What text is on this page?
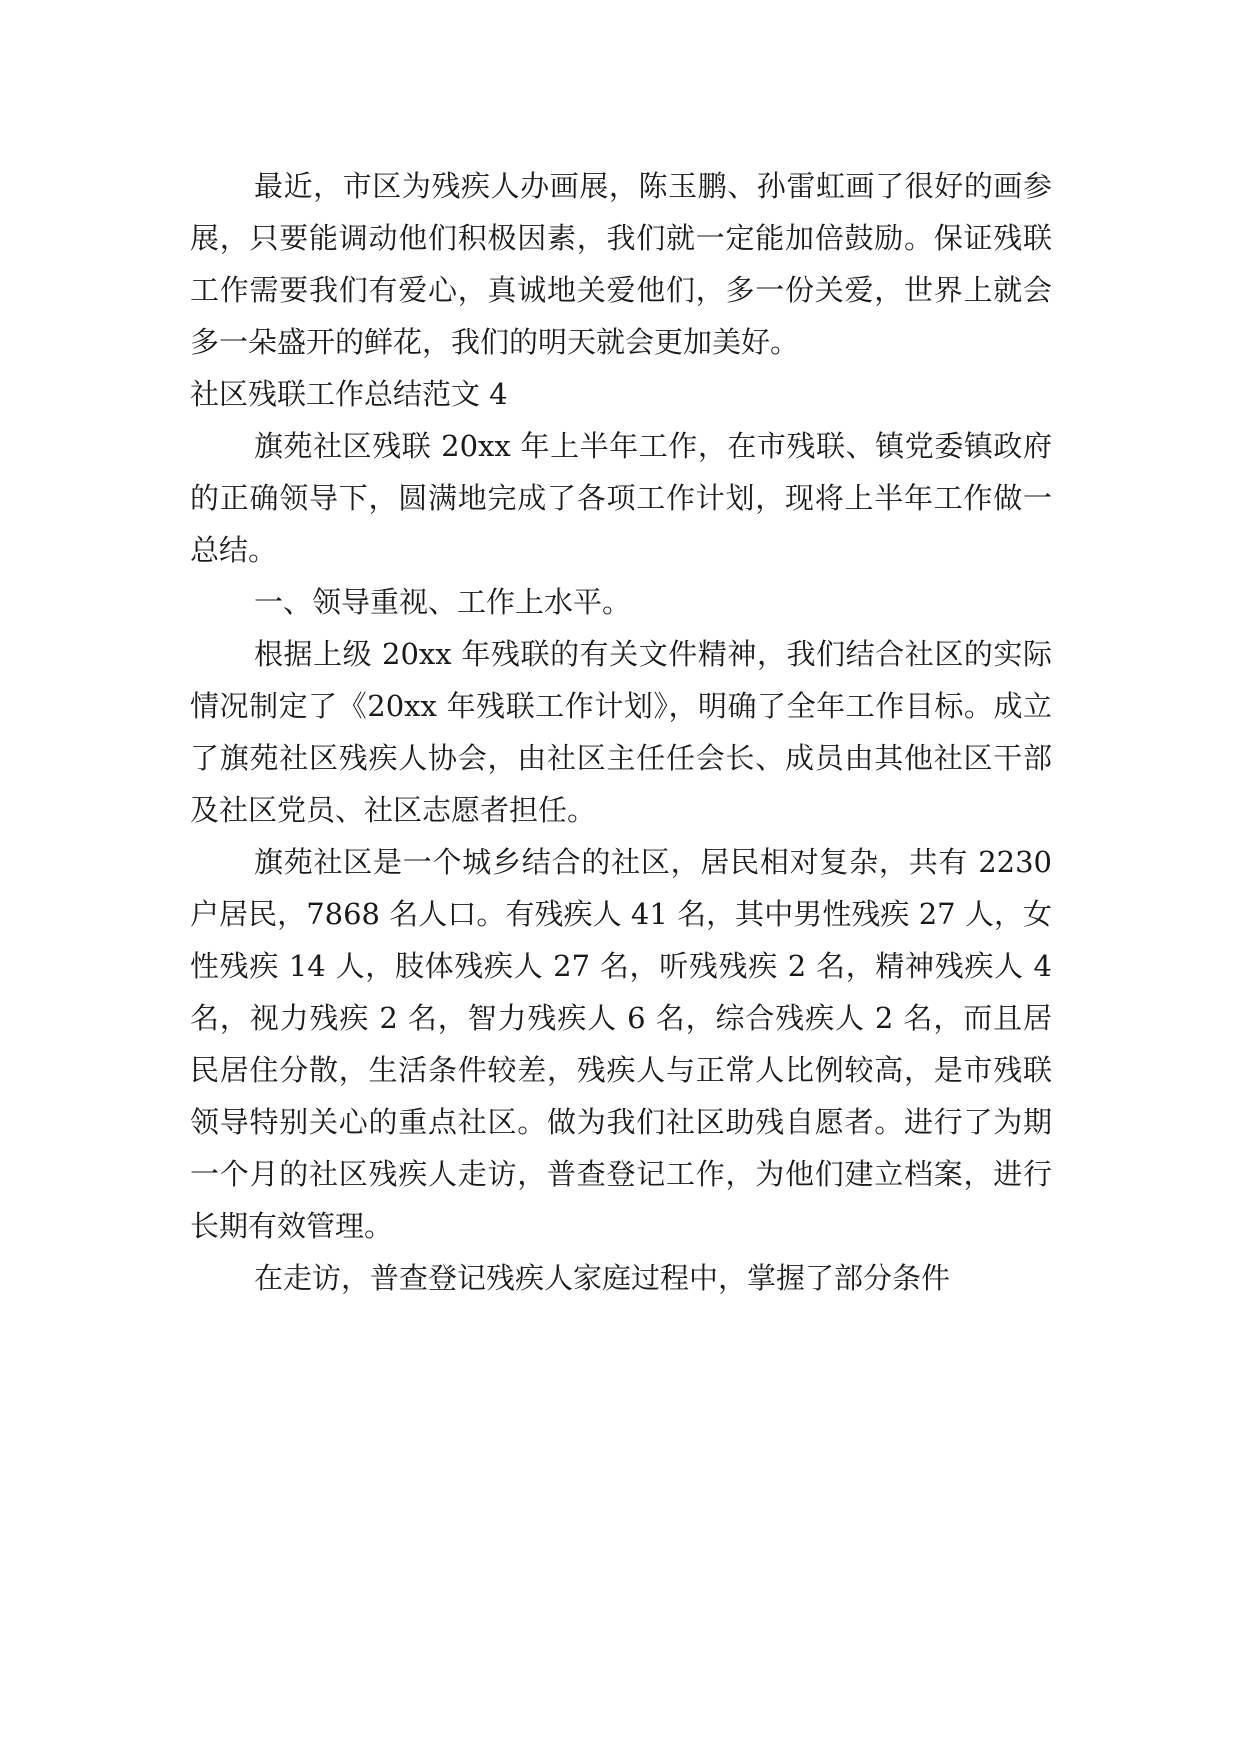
最近，市区为残疾人办画展，陈玉鹏、孙雷虹画了很好的画参展，只要能调动他们积极因素，我们就一定能加倍鼓励。保证残联工作需要我们有爱心，真诚地关爱他们，多一份关爱，世界上就会多一朵盛开的鲜花，我们的明天就会更加美好。

社区残联工作总结范文 4

旗苑社区残联 20xx 年上半年工作，在市残联、镇党委镇政府的正确领导下，圆满地完成了各项工作计划，现将上半年工作做一总结。

一、领导重视、工作上水平。

根据上级 20xx 年残联的有关文件精神，我们结合社区的实际情况制定了《20xx 年残联工作计划》，明确了全年工作目标。成立了旗苑社区残疾人协会，由社区主任任会长、成员由其他社区干部及社区党员、社区志愿者担任。

旗苑社区是一个城乡结合的社区，居民相对复杂，共有 2230 户居民，7868 名人口。有残疾人 41 名，其中男性残疾 27 人，女性残疾 14 人，肢体残疾人 27 名，听残残疾 2 名，精神残疾人 4 名，视力残疾 2 名，智力残疾人 6 名，综合残疾人 2 名，而且居民居住分散，生活条件较差，残疾人与正常人比例较高，是市残联领导特别关心的重点社区。做为我们社区助残自愿者。进行了为期一个月的社区残疾人走访，普查登记工作，为他们建立档案，进行长期有效管理。

在走访，普查登记残疾人家庭过程中，掌握了部分条件
